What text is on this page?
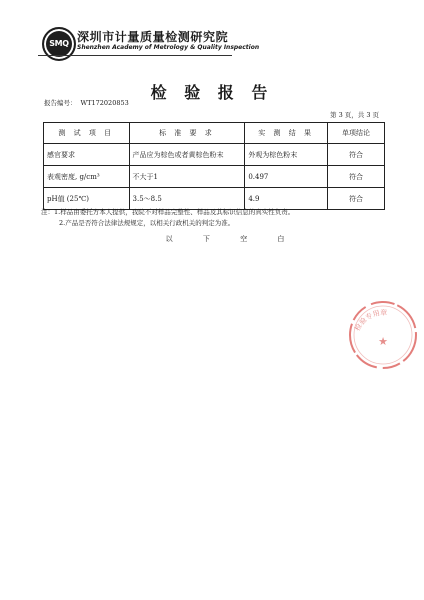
SMQ 深圳市计量质量检测研究院
Shenzhen Academy of Metrology & Quality Inspection
检 验 报 告
报告编号： WT172020853
第 3 页，共 3 页
测 试 项 目	标 准 要 求	实 测 结 果	单项结论
感官要求	产品应为棕色或者黄棕色粉末	外观为棕色粉末	符合
表观密度, g/cm³	不大于1	0.497	符合
pH值 (25℃)	3.5～8.5	4.9	符合
注：1.样品由委托方本人提供，我院不对样品完整性、样品及其标识信息的真实性负责。
2.产品是否符合法律法规规定，以相关行政机关的判定为准。
以 下 空 白
检验专用章
★
